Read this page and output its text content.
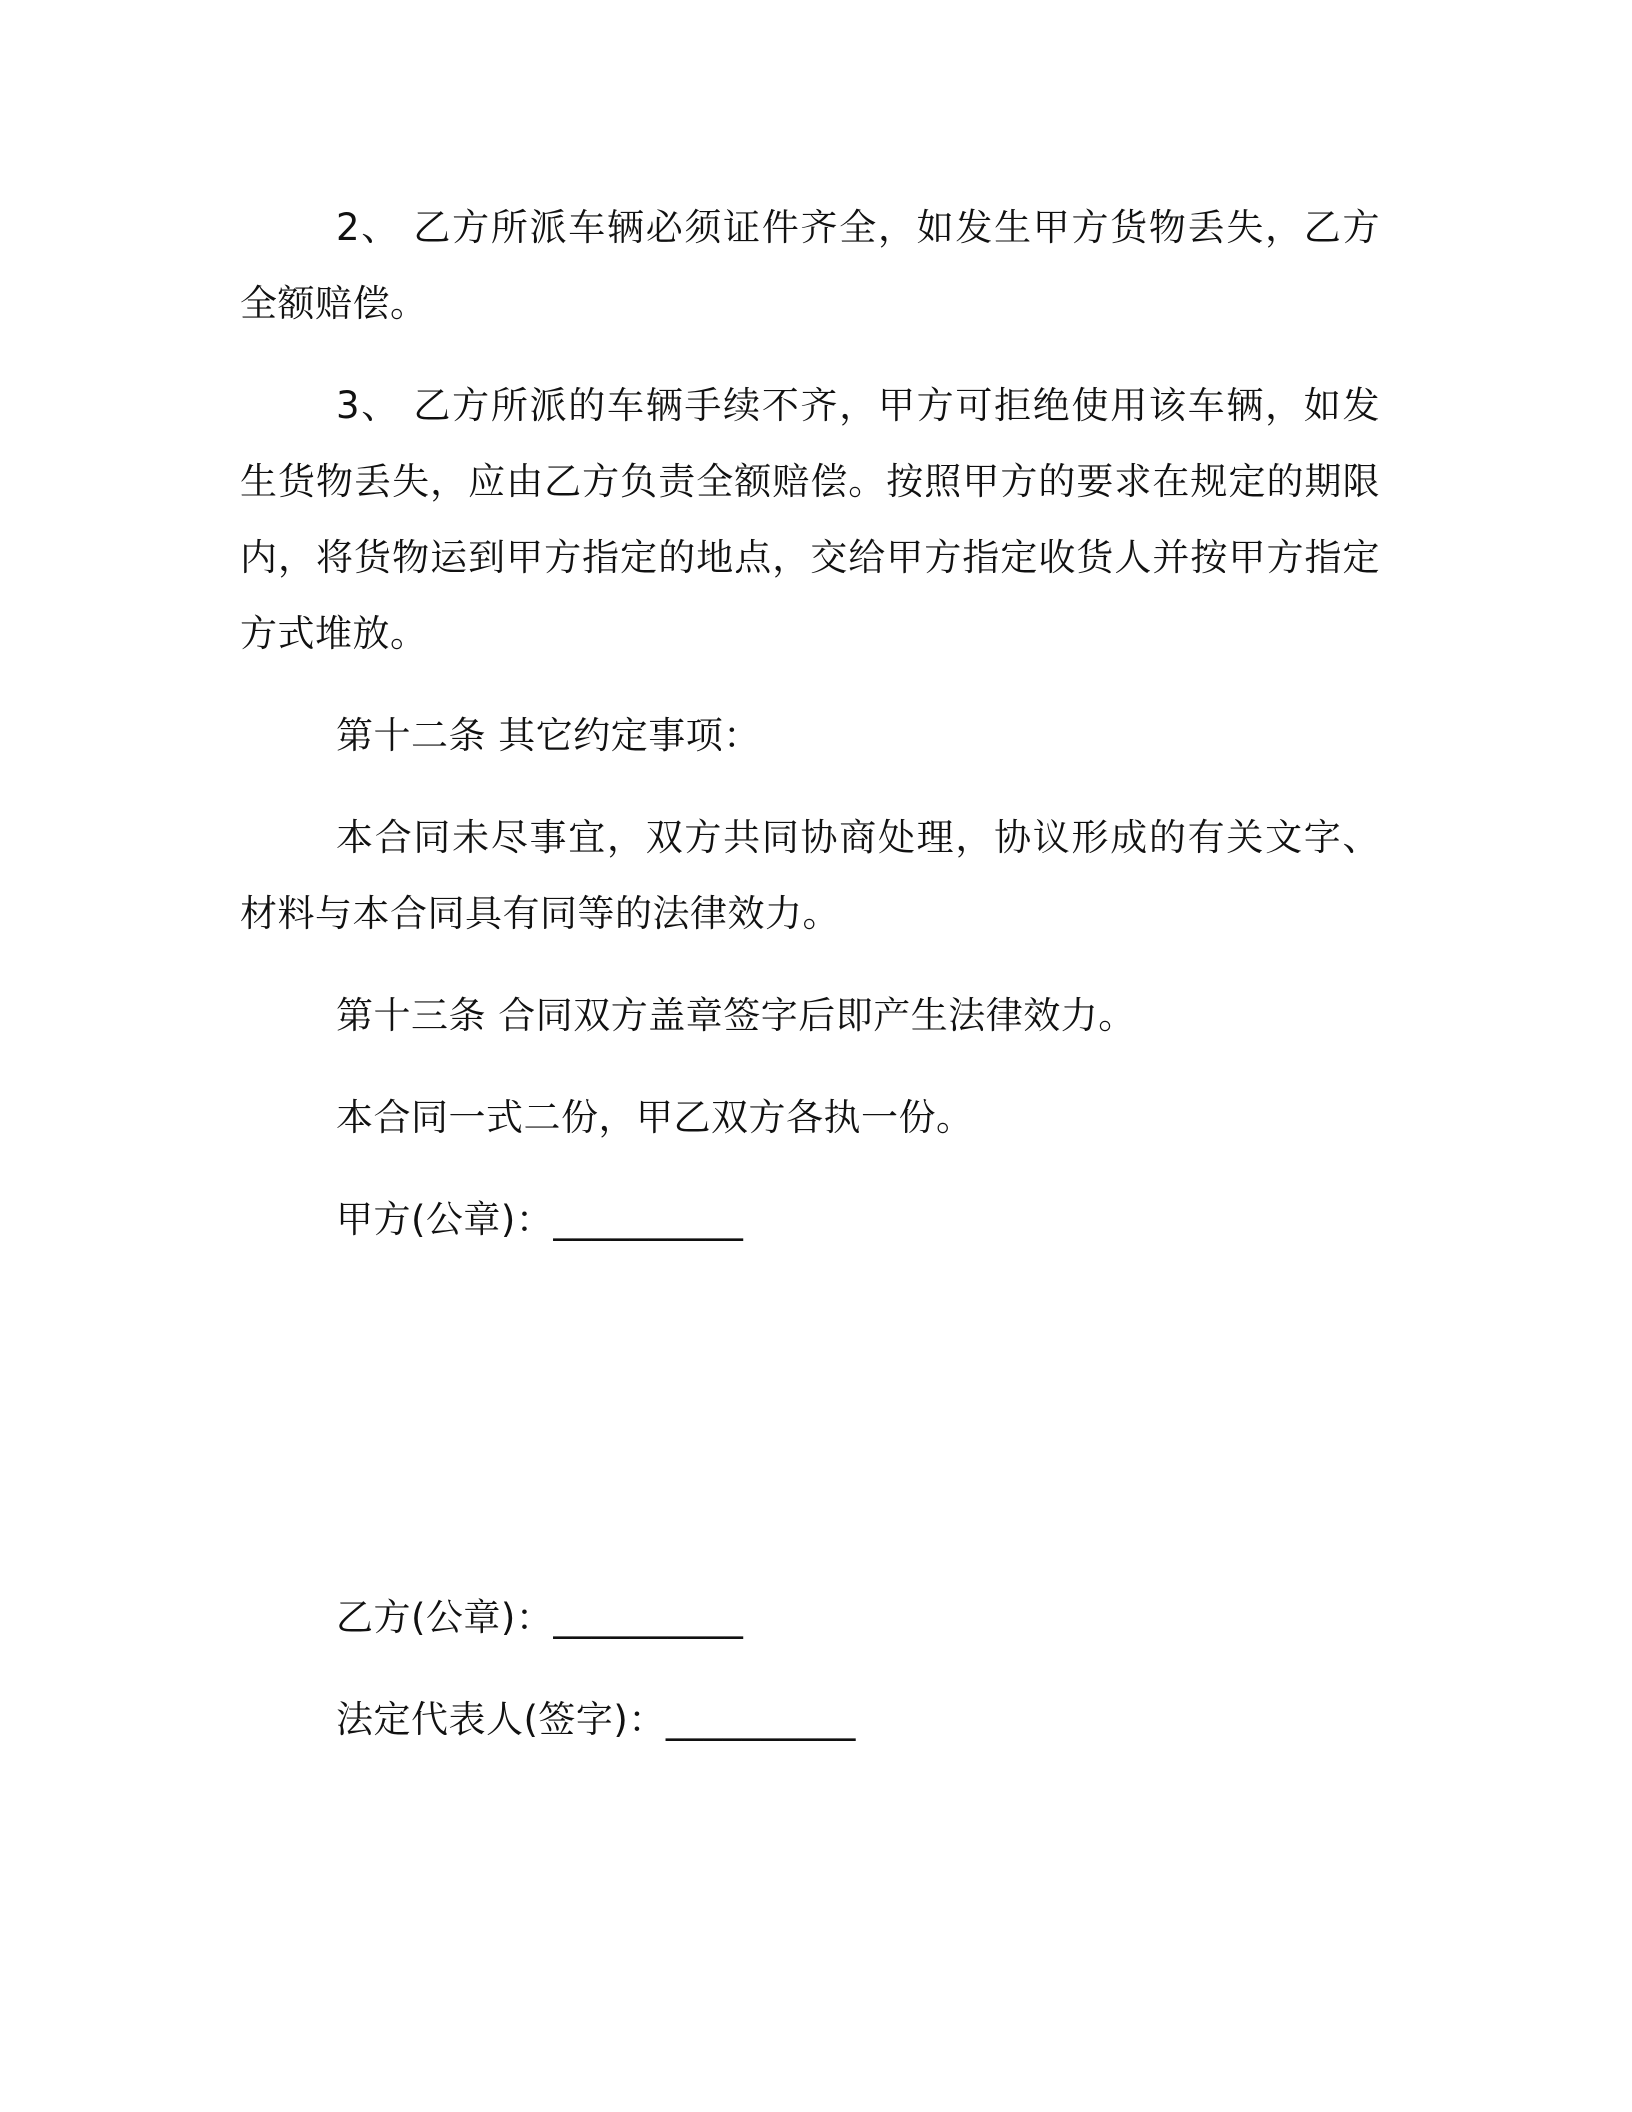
2、 乙方所派车辆必须证件齐全，如发生甲方货物丢失，乙方全额赔偿。

3、 乙方所派的车辆手续不齐，甲方可拒绝使用该车辆，如发生货物丢失，应由乙方负责全额赔偿。按照甲方的要求在规定的期限内，将货物运到甲方指定的地点，交给甲方指定收货人并按甲方指定方式堆放。

第十二条 其它约定事项：

本合同未尽事宜，双方共同协商处理，协议形成的有关文字、材料与本合同具有同等的法律效力。

第十三条 合同双方盖章签字后即产生法律效力。

本合同一式二份，甲乙双方各执一份。

甲方(公章)：__________

乙方(公章)：__________

法定代表人(签字)：__________
